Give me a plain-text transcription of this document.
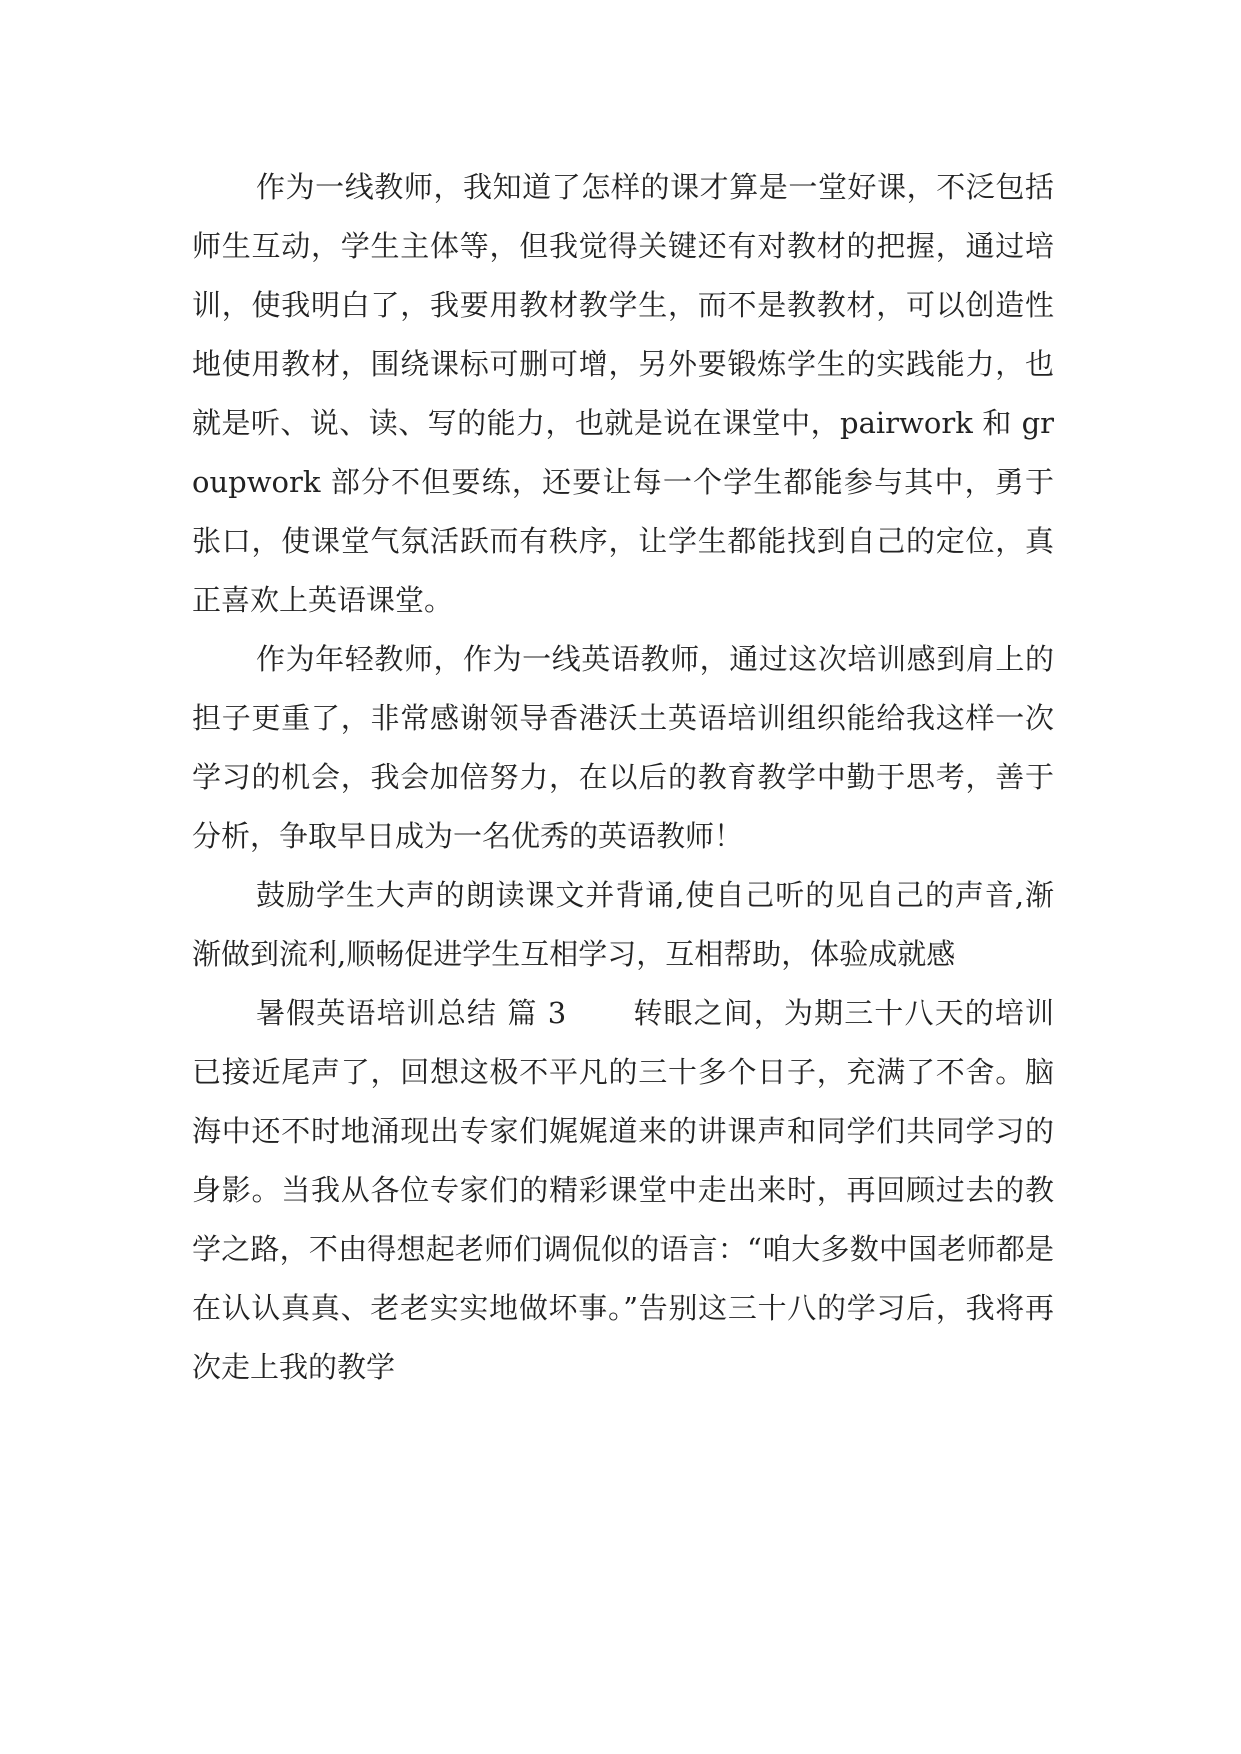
作为一线教师，我知道了怎样的课才算是一堂好课，不泛包括师生互动，学生主体等，但我觉得关键还有对教材的把握，通过培训，使我明白了，我要用教材教学生，而不是教教材，可以创造性地使用教材，围绕课标可删可增，另外要锻炼学生的实践能力，也就是听、说、读、写的能力，也就是说在课堂中，pairwork 和 groupwork 部分不但要练，还要让每一个学生都能参与其中，勇于张口，使课堂气氛活跃而有秩序，让学生都能找到自己的定位，真正喜欢上英语课堂。

作为年轻教师，作为一线英语教师，通过这次培训感到肩上的担子更重了，非常感谢领导香港沃土英语培训组织能给我这样一次学习的机会，我会加倍努力，在以后的教育教学中勤于思考，善于分析，争取早日成为一名优秀的英语教师！

鼓励学生大声的朗读课文并背诵,使自己听的见自己的声音,渐渐做到流利,顺畅促进学生互相学习，互相帮助，体验成就感

暑假英语培训总结 篇 3 转眼之间，为期三十八天的培训已接近尾声了，回想这极不平凡的三十多个日子，充满了不舍。脑海中还不时地涌现出专家们娓娓道来的讲课声和同学们共同学习的身影。当我从各位专家们的精彩课堂中走出来时，再回顾过去的教学之路，不由得想起老师们调侃似的语言：“咱大多数中国老师都是在认认真真、老老实实地做坏事。”告别这三十八的学习后，我将再次走上我的教学
